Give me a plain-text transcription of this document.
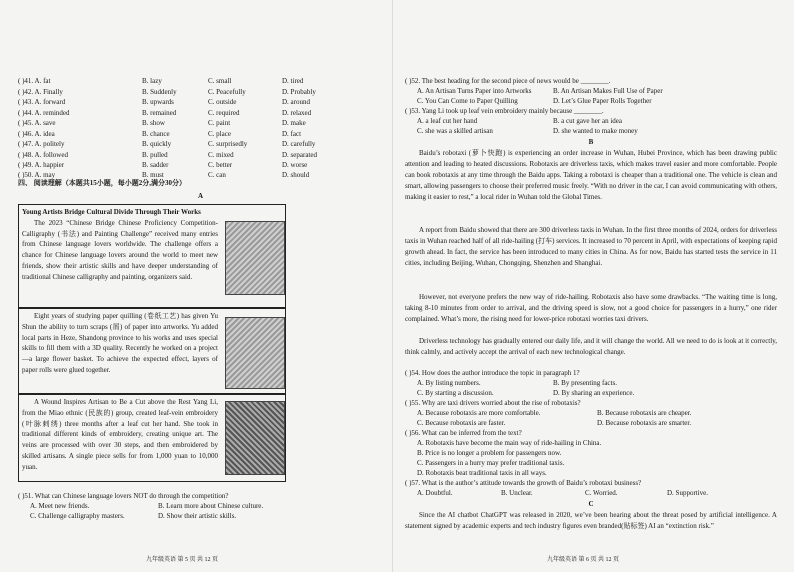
( )41. A. fat	B. lazy	C. small	D. tired
( )42. A. Finally	B. Suddenly	C. Peacefully	D. Probably
( )43. A. forward	B. upwards	C. outside	D. around
( )44. A. reminded	B. remained	C. required	D. relaxed
( )45. A. save	B. show	C. paint	D. make
( )46. A. idea	B. chance	C. place	D. fact
( )47. A. politely	B. quickly	C. surprisedly	D. carefully
( )48. A. followed	B. pulled	C. mixed	D. separated
( )49. A. happier	B. sadder	C. better	D. worse
( )50. A. may	B. must	C. can	D. should
四、 阅读理解（本题共15小题，每小题2分,满分30分）
A
Young Artists Bridge Cultural Divide Through Their Works
The 2023 “Chinese Bridge Chinese Proficiency Competition-Calligraphy (书法) and Painting Challenge” received many entries from Chinese language lovers worldwide. The challenge offers a chance for Chinese language lovers around the world to meet new friends, show their artistic skills and have deeper understanding of traditional Chinese calligraphy and painting, organizers said.
Eight years of studying paper quilling (卷纸工艺) has given Yu Shun the ability to turn scraps (屑) of paper into artworks. Yu added local parts in Heze, Shandong province to his works and uses special skills to fill them with a 3D quality. Recently he worked on a project—a large flower basket. To achieve the expected effect, layers of paper rolls were glued together.
A Wound Inspires Artisan to Be a Cut above the Rest Yang Li, from the Miao ethnic (民族的) group, created leaf-vein embroidery (叶脉刺绣) three months after a leaf cut her hand. She took in traditional different kinds of embroidery, creating unique art. The veins are processed with over 30 steps, and then embroidered by skilled artisans. A single piece sells for from 1,000 yuan to 10,000 yuan.
( )51. What can Chinese language lovers NOT do through the competition?
A. Meet new friends.	B. Learn more about Chinese culture.
C. Challenge calligraphy masters.	D. Show their artistic skills.
九年级英语 第 5 页 共 12 页
( )52. The best heading for the second piece of news would be ________.
A. An Artisan Turns Paper into Artworks	B. An Artisan Makes Full Use of Paper
C. You Can Come to Paper Quilling	D. Let’s Glue Paper Rolls Together
( )53. Yang Li took up leaf vein embroidery mainly because ________.
A. a leaf cut her hand	B. a cut gave her an idea
C. she was a skilled artisan	D. she wanted to make money
B
Baidu’s robotaxi (萝卜快跑) is experiencing an order increase in Wuhan, Hubei Province, which has been drawing public attention and leading to heated discussions. Robotaxis are driverless taxis, which makes travel easier and more comfortable. People can book robotaxis at any time through the Baidu apps. Taking a robotaxi is cheaper than a traditional one. The vehicle is clean and smart, allowing passengers to choose their preferred music freely. “With no driver in the car, I can avoid communicating with others, making it easier to rest,” a local rider in Wuhan told the Global Times.
A report from Baidu showed that there are 300 driverless taxis in Wuhan. In the first three months of 2024, orders for driverless taxis in Wuhan reached half of all ride-hailing (打车) services. It increased to 70 percent in April, with expectations of keeping rapid growth ahead. In fact, the service has been introduced to many cities in China. As for now, Baidu has started tests the service in 11 cities, including Beijing, Wuhan, Chongqing, Shenzhen and Shanghai.
However, not everyone prefers the new way of ride-hailing. Robotaxis also have some drawbacks. “The waiting time is long, taking 8-10 minutes from order to arrival, and the driving speed is slow, not a good choice for passengers in a hurry,” one rider complained. What’s more, the rising need for lower-price robotaxi worries taxi drivers.
Driverless technology has gradually entered our daily life, and it will change the world. All we need to do is look at it correctly, think calmly, and actively accept the arrival of each new technological change.
( )54. How does the author introduce the topic in paragraph 1?
A. By listing numbers.	B. By presenting facts.
C. By starting a discussion.	D. By sharing an experience.
( )55. Why are taxi drivers worried about the rise of robotaxis?
A. Because robotaxis are more comfortable.	B. Because robotaxis are cheaper.
C. Because robotaxis are faster.	D. Because robotaxis are smarter.
( )56. What can be inferred from the text?
A. Robotaxis have become the main way of ride-hailing in China.
B. Price is no longer a problem for passengers now.
C. Passengers in a hurry may prefer traditional taxis.
D. Robotaxis beat traditional taxis in all ways.
( )57. What is the author’s attitude towards the growth of Baidu’s robotaxi business?
A. Doubtful.	B. Unclear.	C. Worried.	D. Supportive.
C
Since the AI chatbot ChatGPT was released in 2020, we’ve been hearing about the threat posed by artificial intelligence. A statement signed by academic experts and tech industry figures even branded(贴标签) AI an “extinction risk.”
九年级英语 第 6 页 共 12 页
